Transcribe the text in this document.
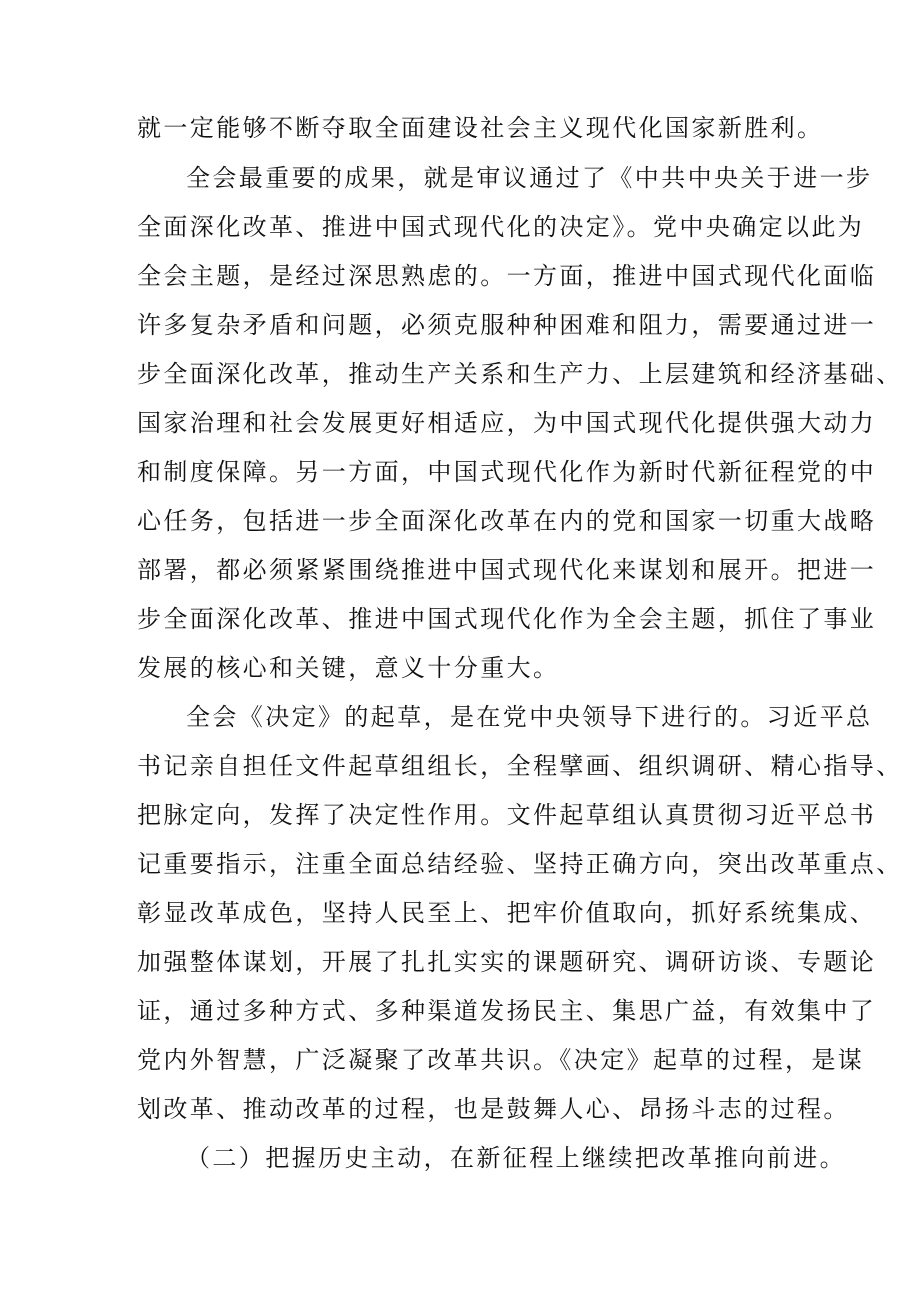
就一定能够不断夺取全面建设社会主义现代化国家新胜利。
全会最重要的成果，就是审议通过了《中共中央关于进一步
全面深化改革、推进中国式现代化的决定》。党中央确定以此为
全会主题，是经过深思熟虑的。一方面，推进中国式现代化面临
许多复杂矛盾和问题，必须克服种种困难和阻力，需要通过进一
步全面深化改革，推动生产关系和生产力、上层建筑和经济基础、
国家治理和社会发展更好相适应，为中国式现代化提供强大动力
和制度保障。另一方面，中国式现代化作为新时代新征程党的中
心任务，包括进一步全面深化改革在内的党和国家一切重大战略
部署，都必须紧紧围绕推进中国式现代化来谋划和展开。把进一
步全面深化改革、推进中国式现代化作为全会主题，抓住了事业
发展的核心和关键，意义十分重大。
全会《决定》的起草，是在党中央领导下进行的。习近平总
书记亲自担任文件起草组组长，全程擘画、组织调研、精心指导、
把脉定向，发挥了决定性作用。文件起草组认真贯彻习近平总书
记重要指示，注重全面总结经验、坚持正确方向，突出改革重点、
彰显改革成色，坚持人民至上、把牢价值取向，抓好系统集成、
加强整体谋划，开展了扎扎实实的课题研究、调研访谈、专题论
证，通过多种方式、多种渠道发扬民主、集思广益，有效集中了
党内外智慧，广泛凝聚了改革共识。《决定》起草的过程，是谋
划改革、推动改革的过程，也是鼓舞人心、昂扬斗志的过程。
（二）把握历史主动，在新征程上继续把改革推向前进。
